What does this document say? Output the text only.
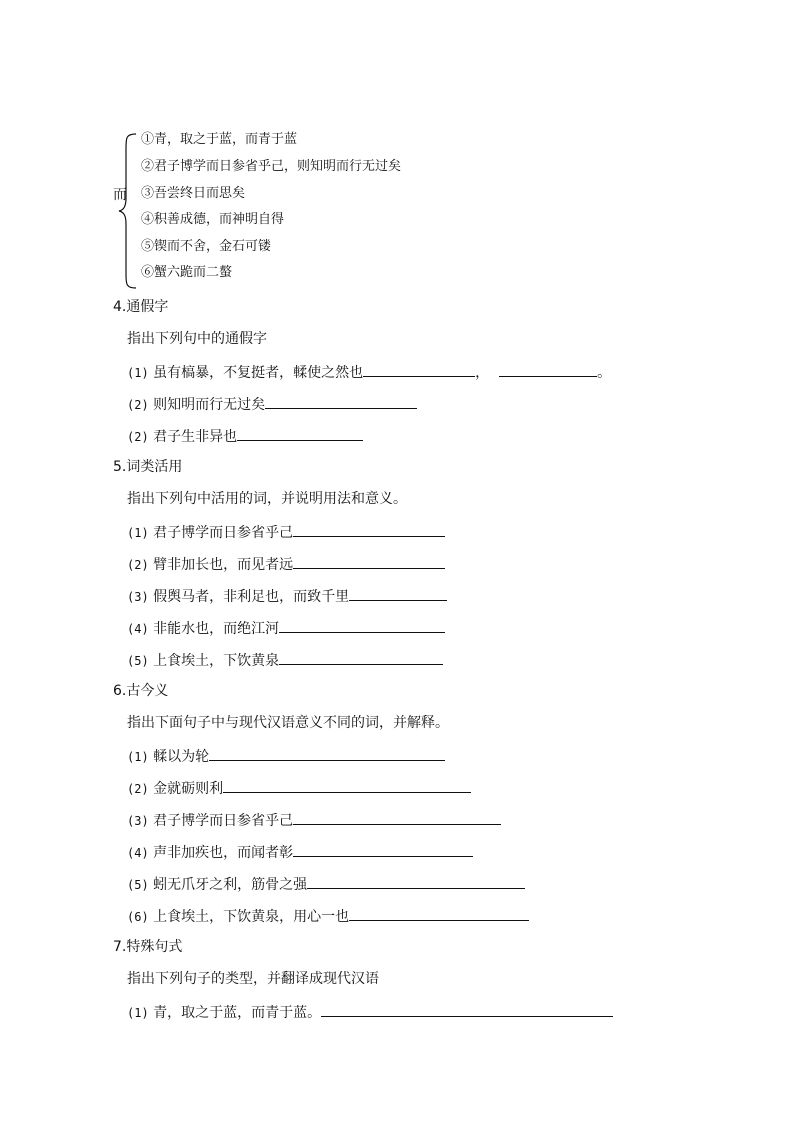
而
①青，取之于蓝，而青于蓝
②君子博学而日参省乎己，则知明而行无过矣
③吾尝终日而思矣
④积善成德，而神明自得
⑤锲而不舍，金石可镂
⑥蟹六跪而二螯
4.通假字
指出下列句中的通假字
(1) 虽有槁暴，不复挺者，輮使之然也	，	。
(2) 则知明而行无过矣
(2) 君子生非异也
5.词类活用
指出下列句中活用的词，并说明用法和意义。
(1) 君子博学而日参省乎己
(2) 臂非加长也，而见者远
(3) 假舆马者，非利足也，而致千里
(4) 非能水也，而绝江河
(5) 上食埃土，下饮黄泉
6.古今义
指出下面句子中与现代汉语意义不同的词，并解释。
(1) 輮以为轮
(2) 金就砺则利
(3) 君子博学而日参省乎己
(4) 声非加疾也，而闻者彰
(5) 蚓无爪牙之利，筋骨之强
(6) 上食埃土，下饮黄泉，用心一也
7.特殊句式
指出下列句子的类型，并翻译成现代汉语
(1) 青，取之于蓝，而青于蓝。
